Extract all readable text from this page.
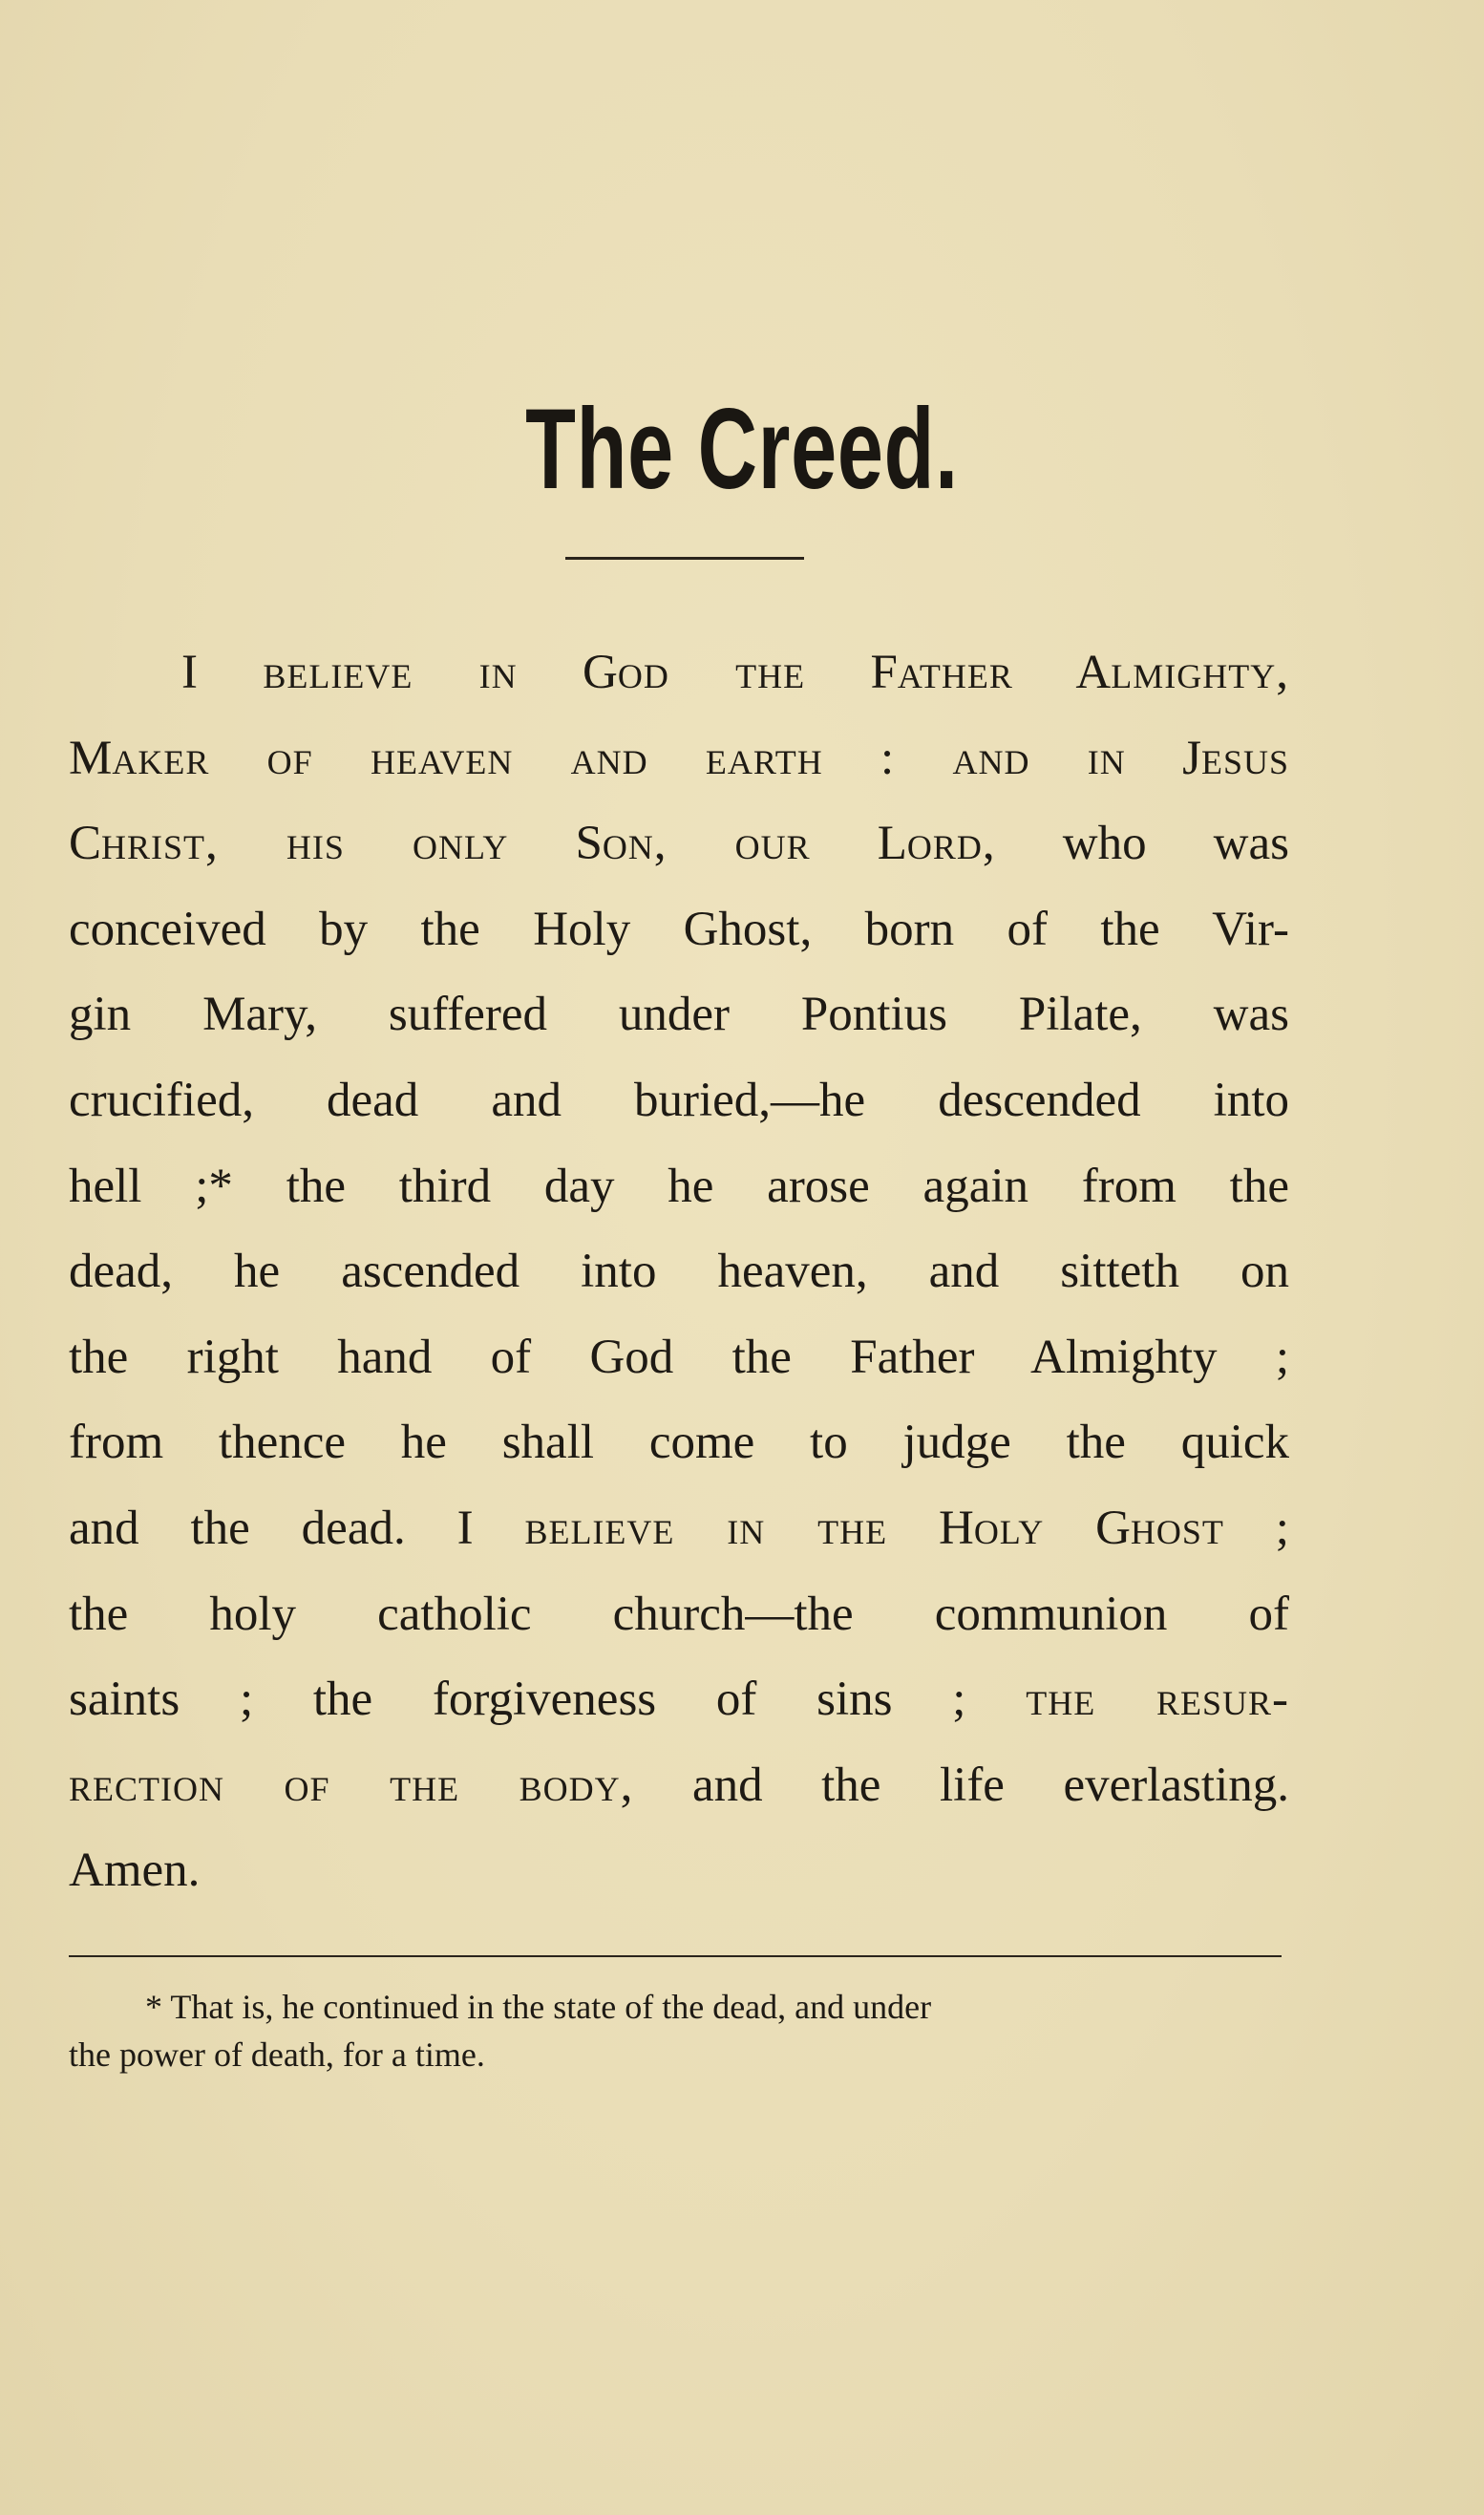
The Creed.
I believe in God the Father Almighty,
Maker of heaven and earth : and in Jesus
Christ, his only Son, our Lord, who was
conceived by the Holy Ghost, born of the Vir-
gin Mary, suffered under Pontius Pilate, was
crucified, dead and buried,—he descended into
hell ;* the third day he arose again from the
dead, he ascended into heaven, and sitteth on
the right hand of God the Father Almighty ;
from thence he shall come to judge the quick
and the dead. I believe in the Holy Ghost ;
the holy catholic church—the communion of
saints ; the forgiveness of sins ; the resur-
rection of the body, and the life everlasting.
Amen.
* That is, he continued in the state of the dead, and under
the power of death, for a time.
